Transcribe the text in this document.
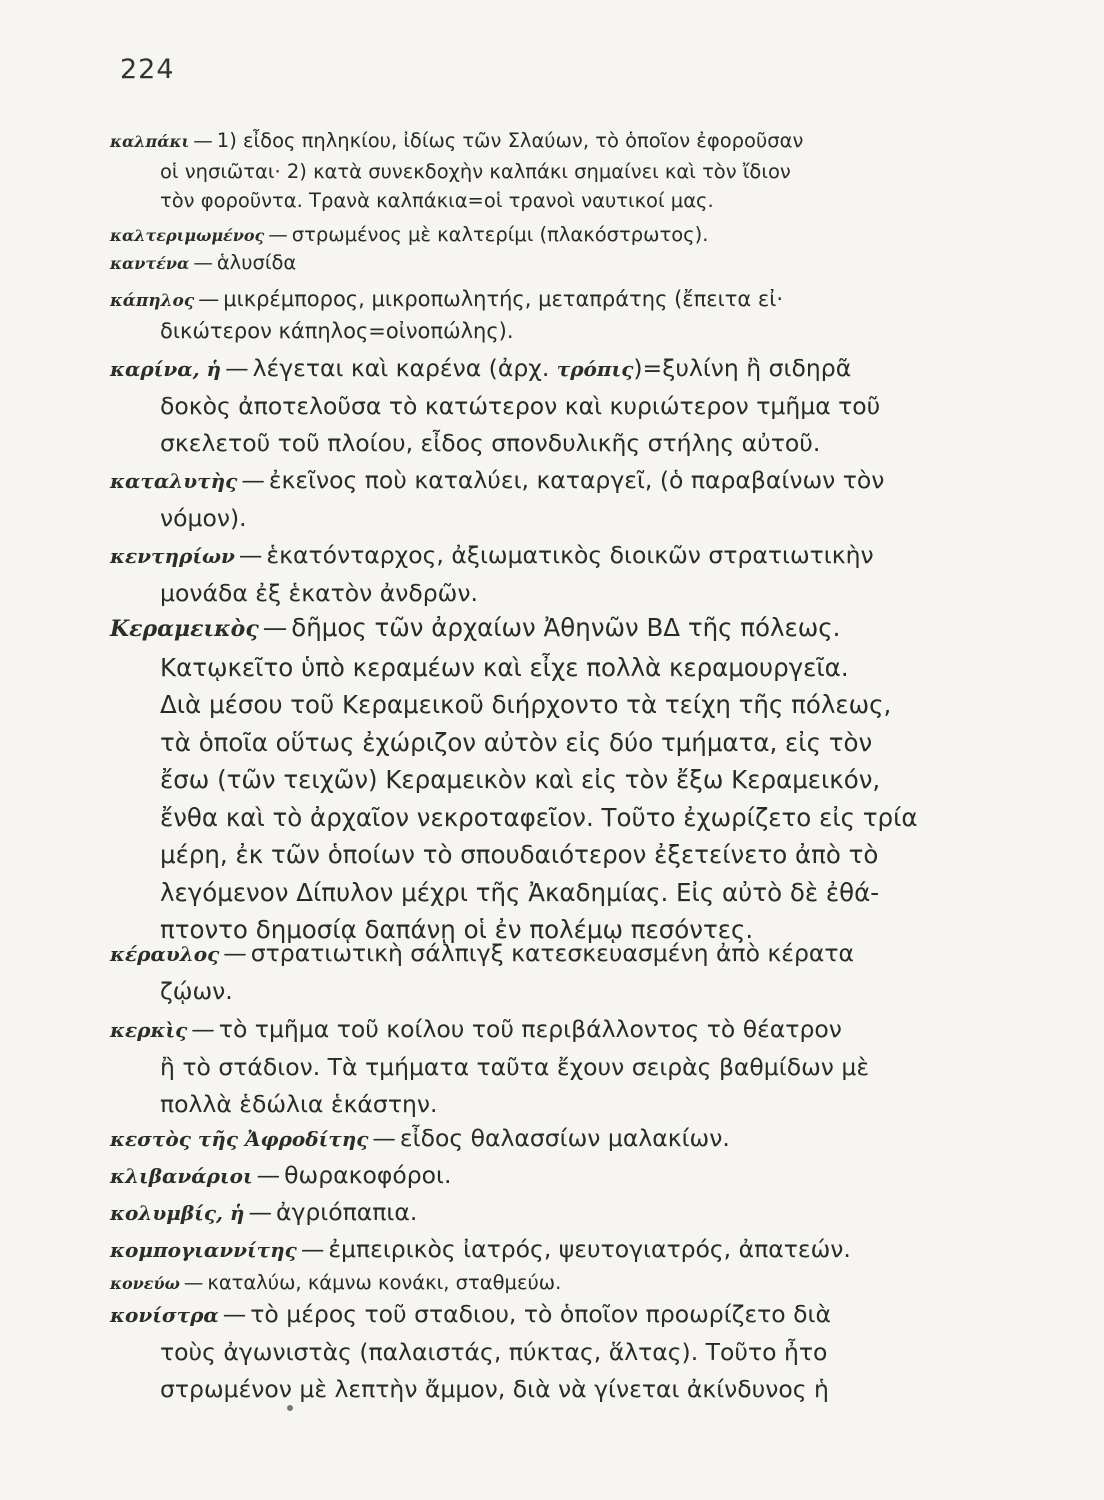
224
καλπάκι — 1) εἶδος πηληκίου, ἰδίως τῶν Σλαύων, τὸ ὁποῖον ἐφοροῦσαν
οἱ νησιῶται· 2) κατὰ συνεκδοχὴν καλπάκι σημαίνει καὶ τὸν ἴδιον
τὸν φοροῦντα. Τρανὰ καλπάκια=οἱ τρανοὶ ναυτικοί μας.
καλτεριμωμένος — στρωμένος μὲ καλτερίμι (πλακόστρωτος).
καντένα — ἁλυσίδα
κάπηλος — μικρέμπορος, μικροπωλητής, μεταπράτης (ἔπειτα εἰ·
δικώτερον κάπηλος=οἰνοπώλης).
καρίνα, ἡ — λέγεται καὶ καρένα (ἀρχ. τρόπις)=ξυλίνη ἢ σιδηρᾶ
δοκὸς ἀποτελοῦσα τὸ κατώτερον καὶ κυριώτερον τμῆμα τοῦ
σκελετοῦ τοῦ πλοίου, εἶδος σπονδυλικῆς στήλης αὐτοῦ.
καταλυτὴς — ἐκεῖνος ποὺ καταλύει, καταργεῖ, (ὁ παραβαίνων τὸν
νόμον).
κεντηρίων — ἑκατόνταρχος, ἀξιωματικὸς διοικῶν στρατιωτικὴν
μονάδα ἐξ ἑκατὸν ἀνδρῶν.
Κεραμεικὸς — δῆμος τῶν ἀρχαίων Ἀθηνῶν ΒΔ τῆς πόλεως.
Κατῳκεῖτο ὑπὸ κεραμέων καὶ εἶχε πολλὰ κεραμουργεῖα.
Διὰ μέσου τοῦ Κεραμεικοῦ διήρχοντο τὰ τείχη τῆς πόλεως,
τὰ ὁποῖα οὕτως ἐχώριζον αὐτὸν εἰς δύο τμήματα, εἰς τὸν
ἔσω (τῶν τειχῶν) Κεραμεικὸν καὶ εἰς τὸν ἔξω Κεραμεικόν,
ἔνθα καὶ τὸ ἀρχαῖον νεκροταφεῖον. Τοῦτο ἐχωρίζετο εἰς τρία
μέρη, ἐκ τῶν ὁποίων τὸ σπουδαιότερον ἐξετείνετο ἀπὸ τὸ
λεγόμενον Δίπυλον μέχρι τῆς Ἀκαδημίας. Εἰς αὐτὸ δὲ ἐθά-
πτοντο δημοσίᾳ δαπάνῃ οἱ ἐν πολέμῳ πεσόντες.
κέραυλος — στρατιωτικὴ σάλπιγξ κατεσκευασμένη ἀπὸ κέρατα
ζῴων.
κερκὶς — τὸ τμῆμα τοῦ κοίλου τοῦ περιβάλλοντος τὸ θέατρον
ἢ τὸ στάδιον. Τὰ τμήματα ταῦτα ἔχουν σειρὰς βαθμίδων μὲ
πολλὰ ἑδώλια ἑκάστην.
κεστὸς τῆς Ἀφροδίτης — εἶδος θαλασσίων μαλακίων.
κλιβανάριοι — θωρακοφόροι.
κολυμβίς, ἡ — ἀγριόπαπια.
κομπογιαννίτης — ἐμπειρικὸς ἰατρός, ψευτογιατρός, ἀπατεών.
κονεύω — καταλύω, κάμνω κονάκι, σταθμεύω.
κονίστρα — τὸ μέρος τοῦ σταδιου, τὸ ὁποῖον προωρίζετο διὰ
τοὺς ἀγωνιστὰς (παλαιστάς, πύκτας, ἅλτας). Τοῦτο ἦτο
στρωμένον μὲ λεπτὴν ἄμμον, διὰ νὰ γίνεται ἀκίνδυνος ἡ
